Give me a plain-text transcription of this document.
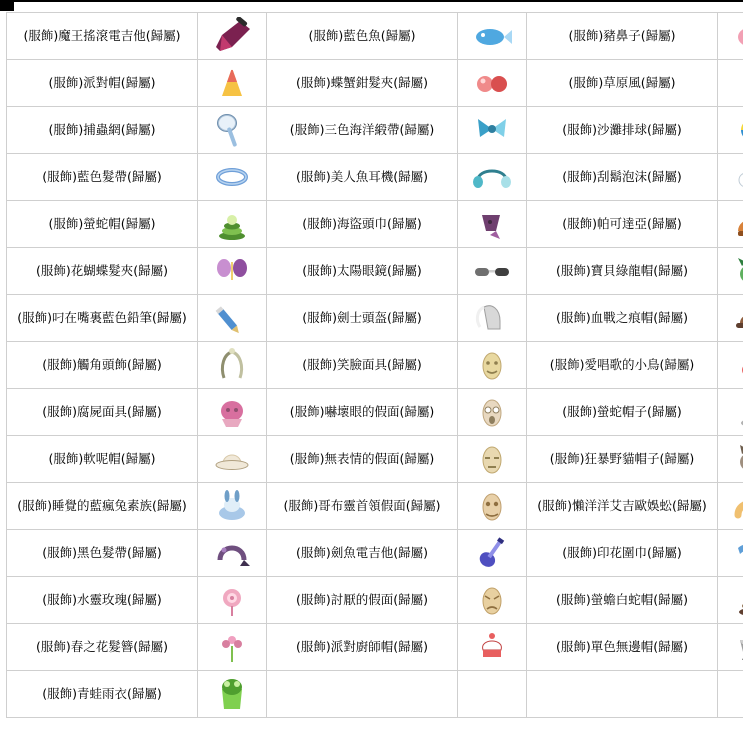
(服飾)魔王搖滾電吉他(歸屬)		(服飾)藍色魚(歸屬)		(服飾)豬鼻子(歸屬)	

(服飾)派對帽(歸屬)		(服飾)蝶蟹鉗髮夾(歸屬)		(服飾)草原風(歸屬)	

(服飾)捕蟲網(歸屬)		(服飾)三色海洋緞帶(歸屬)		(服飾)沙灘排球(歸屬)	

(服飾)藍色髮帶(歸屬)		(服飾)美人魚耳機(歸屬)		(服飾)刮鬍泡沫(歸屬)	

(服飾)螢蛇帽(歸屬)		(服飾)海盜頭巾(歸屬)		(服飾)帕可達亞(歸屬)	

(服飾)花蝴蝶髮夾(歸屬)		(服飾)太陽眼鏡(歸屬)		(服飾)寶貝綠龍帽(歸屬)	

(服飾)叼在嘴裏藍色鉛筆(歸屬)		(服飾)劍士頭盔(歸屬)		(服飾)血戰之痕帽(歸屬)	

(服飾)觸角頭飾(歸屬)		(服飾)笑臉面具(歸屬)		(服飾)愛唱歌的小鳥(歸屬)	

(服飾)腐屍面具(歸屬)		(服飾)嚇壞眼的假面(歸屬)		(服飾)螢蛇帽子(歸屬)	

(服飾)軟呢帽(歸屬)		(服飾)無表情的假面(歸屬)		(服飾)狂暴野貓帽子(歸屬)	

(服飾)睡覺的藍瘋兔素族(歸屬)		(服飾)哥布靈首領假面(歸屬)		(服飾)懶洋洋艾吉歐娛蚣(歸屬)	

(服飾)黑色髮帶(歸屬)		(服飾)劍魚電吉他(歸屬)		(服飾)印花圍巾(歸屬)	

(服飾)水靈玫瑰(歸屬)		(服飾)討厭的假面(歸屬)		(服飾)螢蟾白蛇帽(歸屬)	

(服飾)春之花髮簪(歸屬)		(服飾)派對廚師帽(歸屬)		(服飾)單色無邊帽(歸屬)	

(服飾)青蛙雨衣(歸屬)	
